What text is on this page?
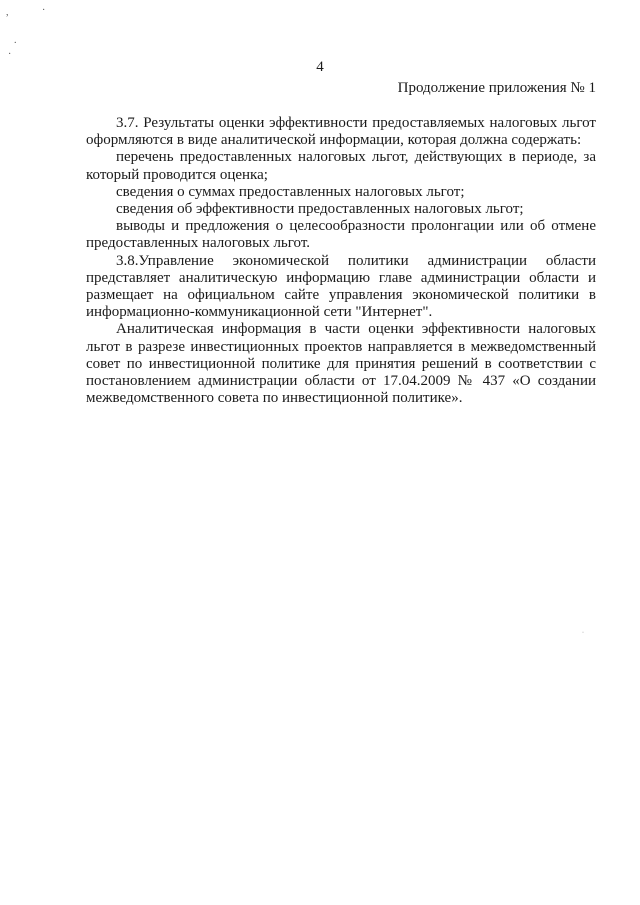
,	·
.
·
·
4
Продолжение приложения № 1

3.7. Результаты оценки эффективности предоставляемых налоговых льгот оформляются в виде аналитической информации, которая должна содержать:

перечень предоставленных налоговых льгот, действующих в периоде, за который проводится оценка;

сведения о суммах предоставленных налоговых льгот;

сведения об эффективности предоставленных налоговых льгот;

выводы и предложения о целесообразности пролонгации или об отмене предоставленных налоговых льгот.

3.8.Управление экономической политики администрации области представляет аналитическую информацию главе администрации области и размещает на официальном сайте управления экономической политики в информационно-коммуникационной сети "Интернет".

Аналитическая информация в части оценки эффективности налоговых льгот в разрезе инвестиционных проектов направляется в межведомственный совет по инвестиционной политике для принятия решений в соответствии с постановлением администрации области от 17.04.2009 № 437 «О создании межведомственного совета по инвестиционной политике».
